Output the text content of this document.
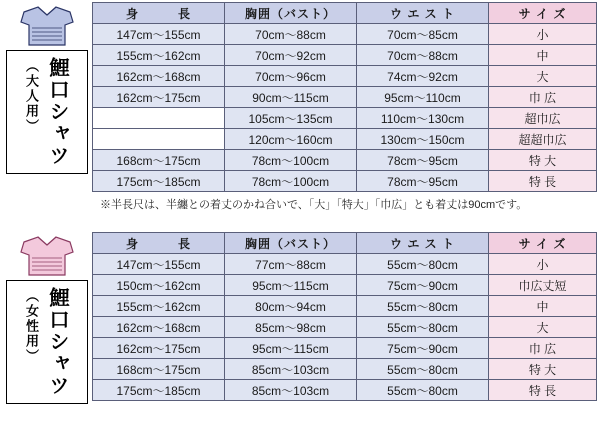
鯉口シャツ
（大人用）
身　　　長	胸囲（バスト）	ウ エ ス ト	サ イ ズ
147cm〜155cm	70cm〜88cm	70cm〜85cm	小
155cm〜162cm	70cm〜92cm	70cm〜88cm	中
162cm〜168cm	70cm〜96cm	74cm〜92cm	大
162cm〜175cm	90cm〜115cm	95cm〜110cm	巾 広
	105cm〜135cm	110cm〜130cm	超巾広
	120cm〜160cm	130cm〜150cm	超超巾広
168cm〜175cm	78cm〜100cm	78cm〜95cm	特 大
175cm〜185cm	78cm〜100cm	78cm〜95cm	特 長
※半長尺は、半纏との着丈のかね合いで、「大」「特大」「巾広」とも着丈は90cmです。
鯉口シャツ
（女性用）
身　　　長	胸囲（バスト）	ウ エ ス ト	サ イ ズ
147cm〜155cm	77cm〜88cm	55cm〜80cm	小
150cm〜162cm	95cm〜115cm	75cm〜90cm	巾広丈短
155cm〜162cm	80cm〜94cm	55cm〜80cm	中
162cm〜168cm	85cm〜98cm	55cm〜80cm	大
162cm〜175cm	95cm〜115cm	75cm〜90cm	巾 広
168cm〜175cm	85cm〜103cm	55cm〜80cm	特 大
175cm〜185cm	85cm〜103cm	55cm〜80cm	特 長
